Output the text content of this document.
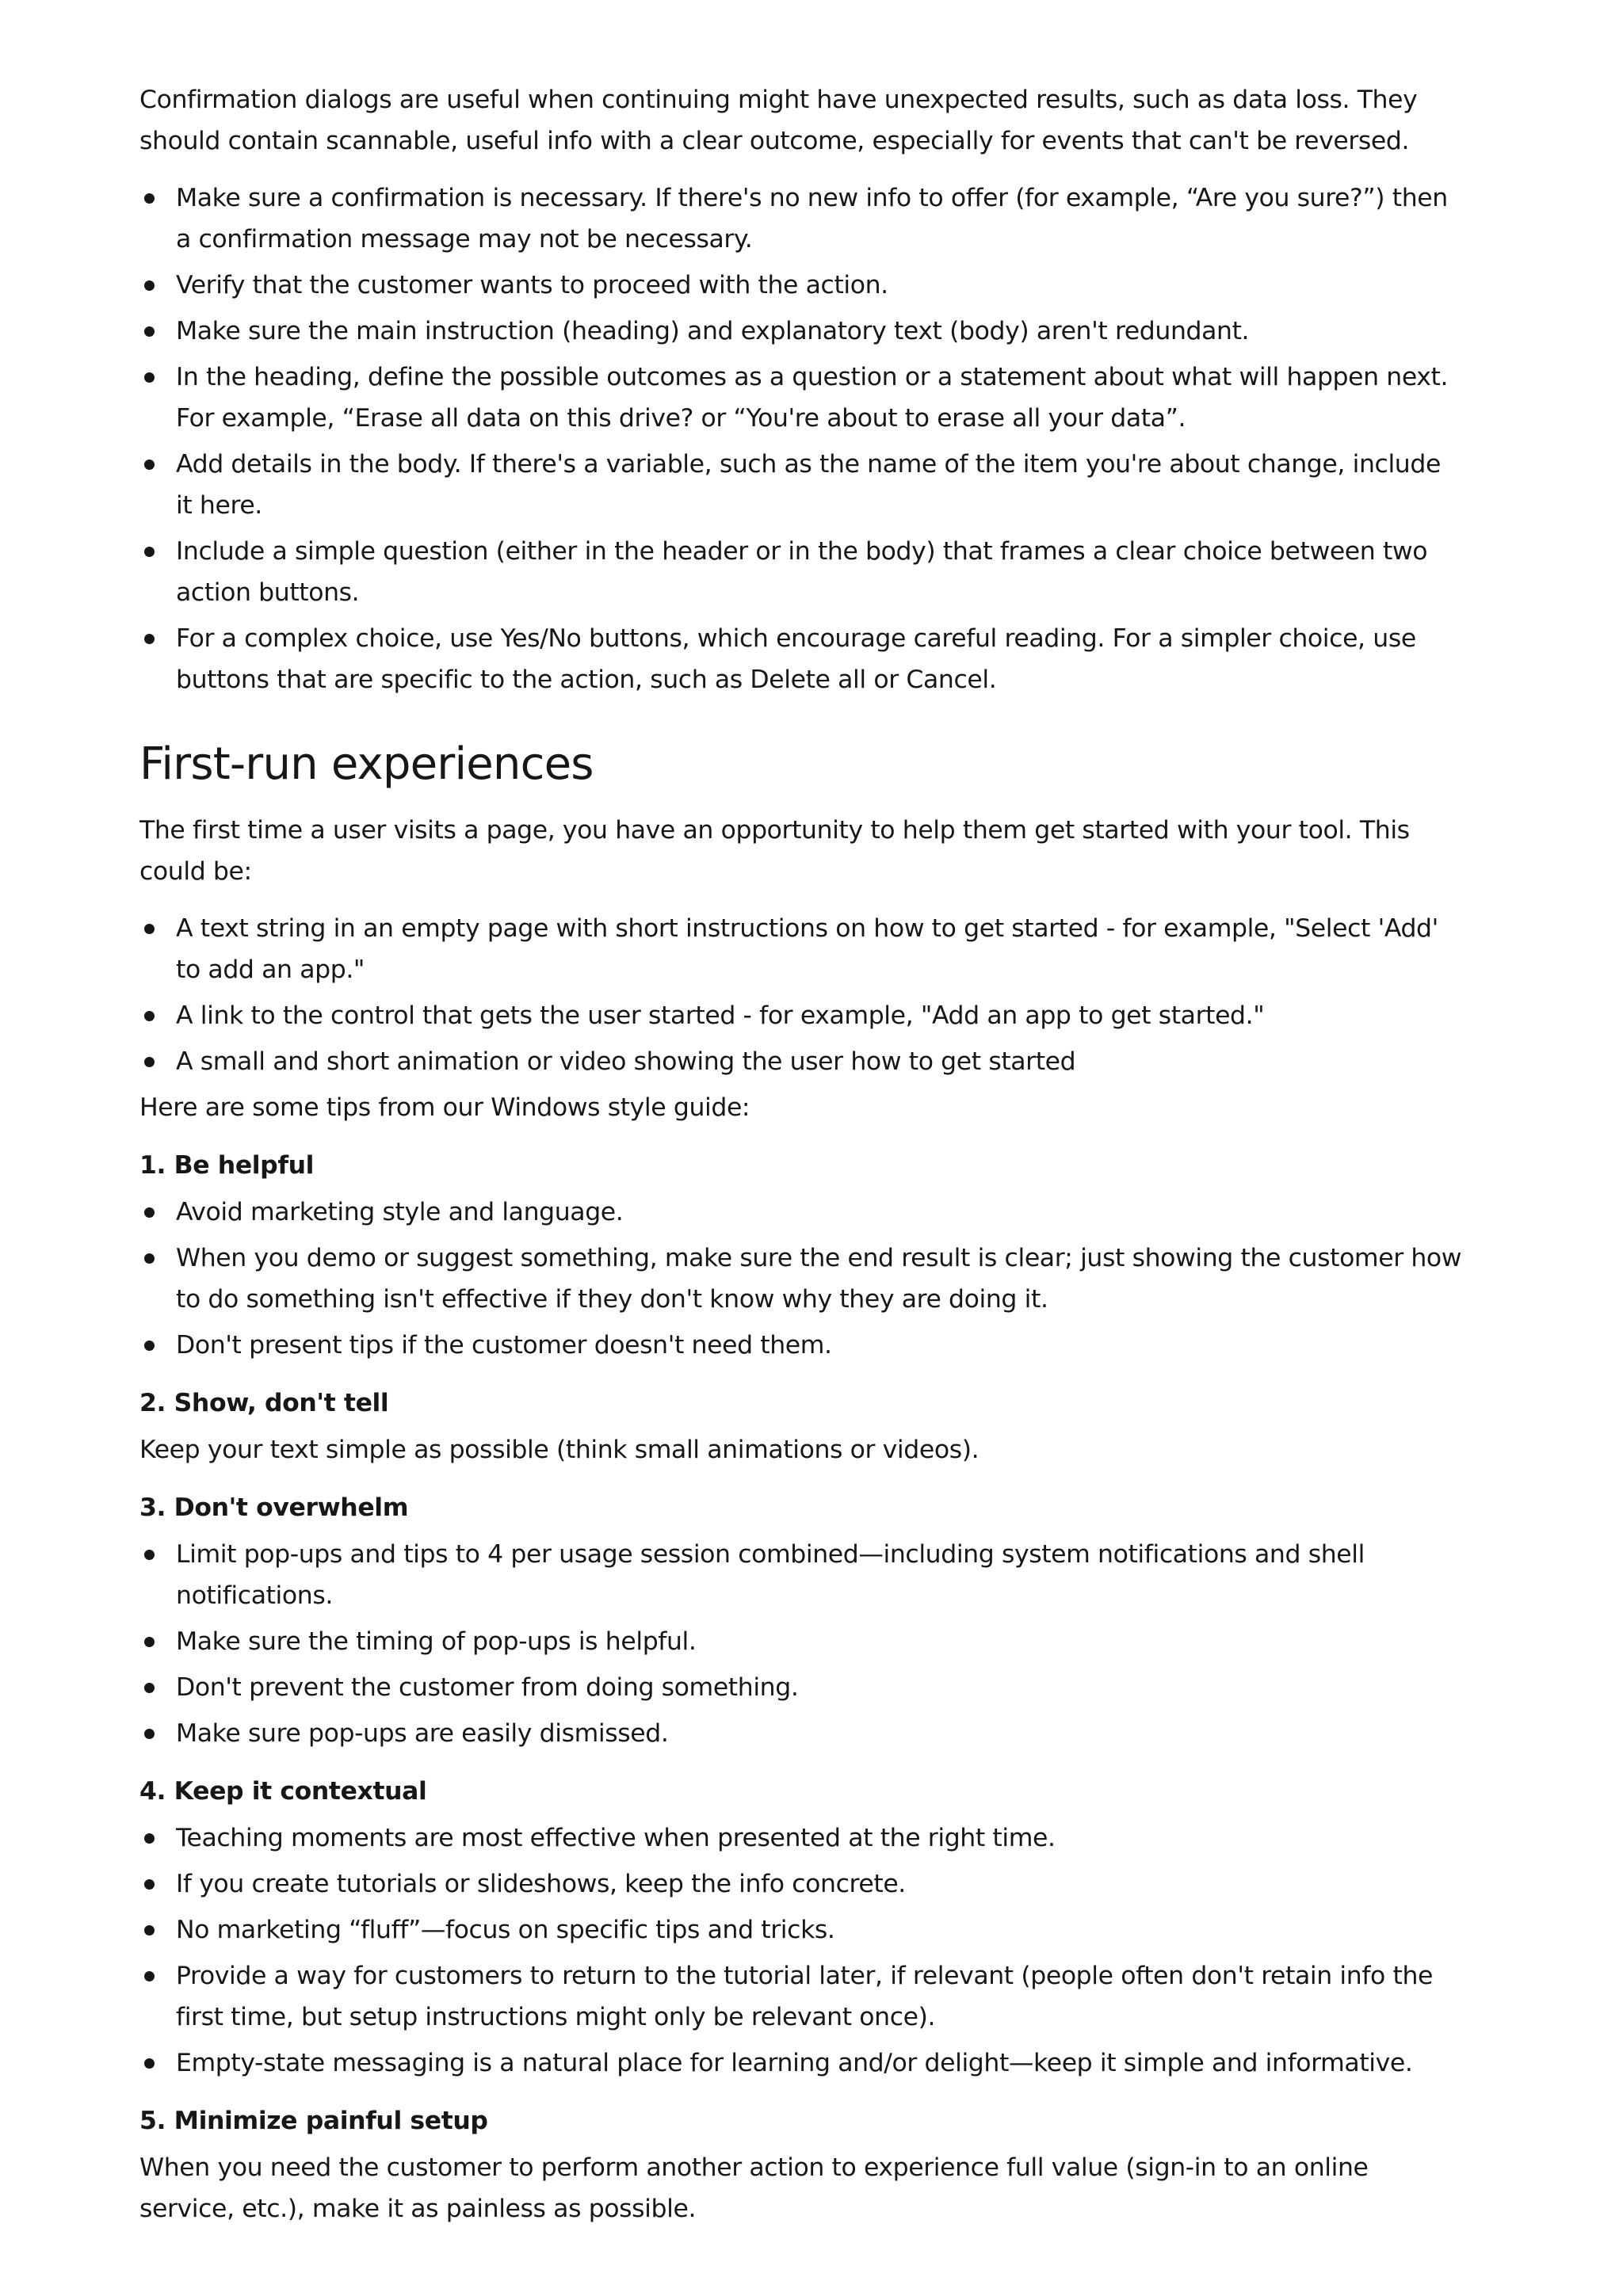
Confirmation dialogs are useful when continuing might have unexpected results, such as data loss. They should contain scannable, useful info with a clear outcome, especially for events that can't be reversed.

Make sure a confirmation is necessary. If there's no new info to offer (for example, “Are you sure?”) then a confirmation message may not be necessary.
Verify that the customer wants to proceed with the action.
Make sure the main instruction (heading) and explanatory text (body) aren't redundant.
In the heading, define the possible outcomes as a question or a statement about what will happen next. For example, “Erase all data on this drive? or “You're about to erase all your data”.
Add details in the body. If there's a variable, such as the name of the item you're about change, include it here.
Include a simple question (either in the header or in the body) that frames a clear choice between two action buttons.
For a complex choice, use Yes/No buttons, which encourage careful reading. For a simpler choice, use buttons that are specific to the action, such as Delete all or Cancel.
First-run experiences

The first time a user visits a page, you have an opportunity to help them get started with your tool. This could be:

A text string in an empty page with short instructions on how to get started - for example, "Select 'Add' to add an app."
A link to the control that gets the user started - for example, "Add an app to get started."
A small and short animation or video showing the user how to get started

Here are some tips from our Windows style guide:

1. Be helpful
Avoid marketing style and language.
When you demo or suggest something, make sure the end result is clear; just showing the customer how to do something isn't effective if they don't know why they are doing it.
Don't present tips if the customer doesn't need them.
2. Show, don't tell

Keep your text simple as possible (think small animations or videos).

3. Don't overwhelm
Limit pop-ups and tips to 4 per usage session combined—including system notifications and shell notifications.
Make sure the timing of pop-ups is helpful.
Don't prevent the customer from doing something.
Make sure pop-ups are easily dismissed.
4. Keep it contextual
Teaching moments are most effective when presented at the right time.
If you create tutorials or slideshows, keep the info concrete.
No marketing “fluff”—focus on specific tips and tricks.
Provide a way for customers to return to the tutorial later, if relevant (people often don't retain info the first time, but setup instructions might only be relevant once).
Empty-state messaging is a natural place for learning and/or delight—keep it simple and informative.
5. Minimize painful setup

When you need the customer to perform another action to experience full value (sign-in to an online service, etc.), make it as painless as possible.
